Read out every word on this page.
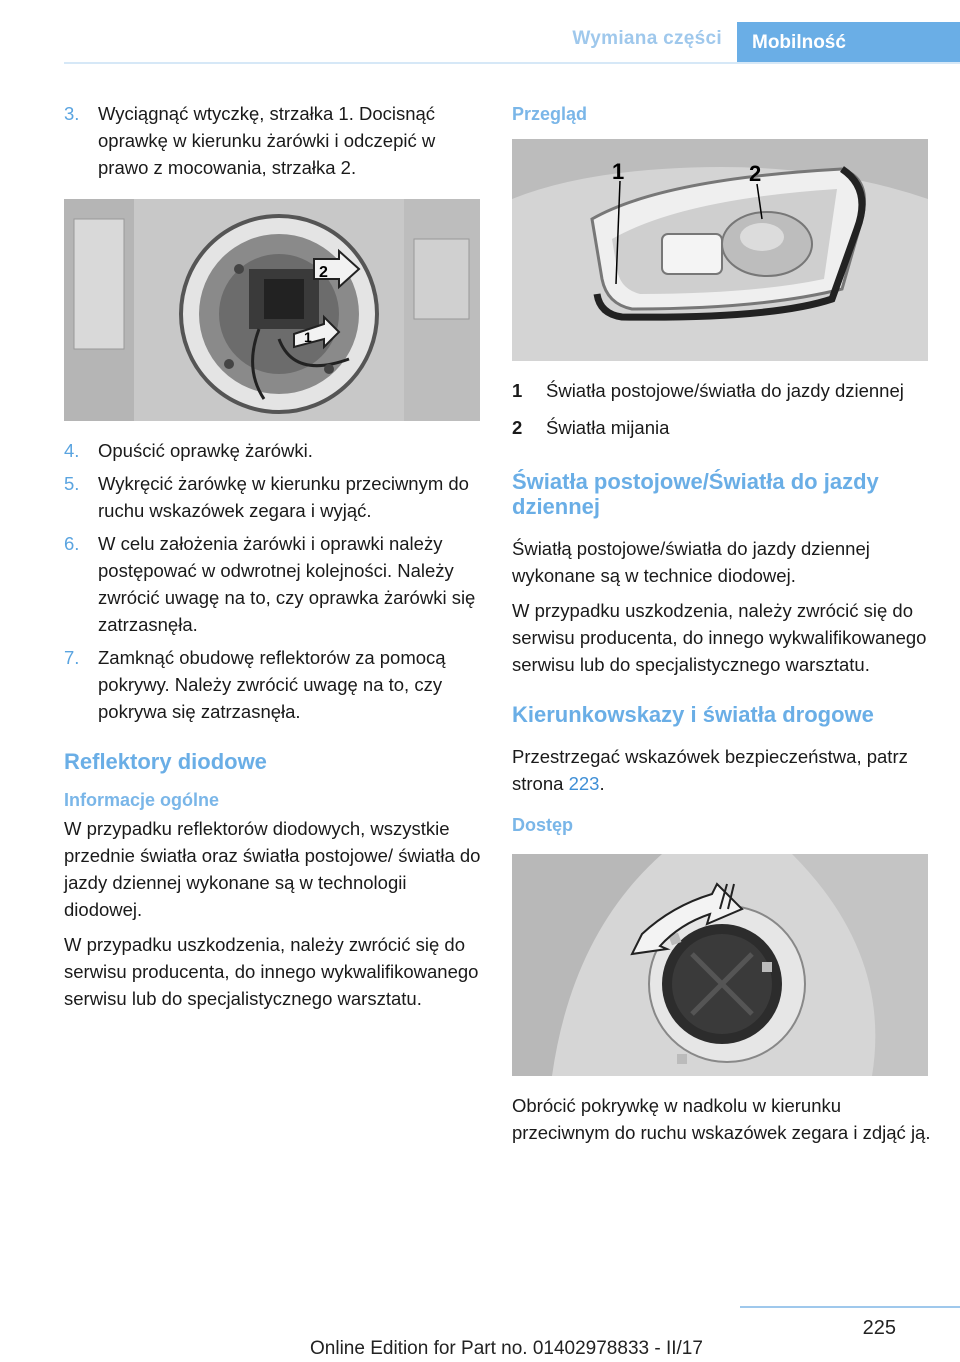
Wymiana części	Mobilność
3.	Wyciągnąć wtyczkę, strzałka 1. Docisnąć oprawkę w kierunku żarówki i odczepić w prawo z mocowania, strzałka 2.
2
1
4.	Opuścić oprawkę żarówki.
5.	Wykręcić żarówkę w kierunku przeciwnym do ruchu wskazówek zegara i wyjąć.
6.	W celu założenia żarówki i oprawki należy postępować w odwrotnej kolejności. Należy zwrócić uwagę na to, czy oprawka żarówki się zatrzasnęła.
7.	Zamknąć obudowę reflektorów za pomocą pokrywy. Należy zwrócić uwagę na to, czy pokrywa się zatrzasnęła.
Reflektory diodowe
Informacje ogólne

W przypadku reflektorów diodowych, wszystkie przednie światła oraz światła postojowe/ światła do jazdy dziennej wykonane są w technologii diodowej.

W przypadku uszkodzenia, należy zwrócić się do serwisu producenta, do innego wykwalifikowanego serwisu lub do specjalistycznego warsztatu.

Przegląd
1	2
1	Światła postojowe/światła do jazdy dziennej
2	Światła mijania
Światła postojowe/Światła do jazdy dziennej

Światłą postojowe/światła do jazdy dziennej wykonane są w technice diodowej.

W przypadku uszkodzenia, należy zwrócić się do serwisu producenta, do innego wykwalifikowanego serwisu lub do specjalistycznego warsztatu.

Kierunkowskazy i światła drogowe

Przestrzegać wskazówek bezpieczeństwa, patrz strona 223.

Dostęp

Obrócić pokrywkę w nadkolu w kierunku przeciwnym do ruchu wskazówek zegara i zdjąć ją.

225
Online Edition for Part no. 01402978833 - II/17
